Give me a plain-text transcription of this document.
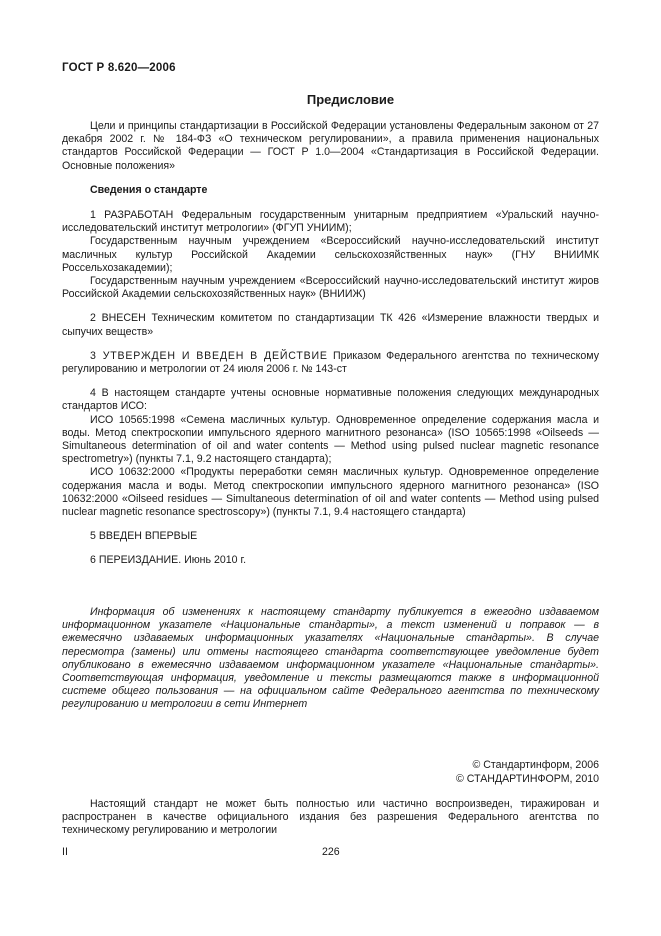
ГОСТ Р 8.620—2006
Предисловие

Цели и принципы стандартизации в Российской Федерации установлены Федеральным законом от 27 декабря 2002 г. № 184-ФЗ «О техническом регулировании», а правила применения национальных стандартов Российской Федерации — ГОСТ Р 1.0—2004 «Стандартизация в Российской Федерации. Основные положения»

Сведения о стандарте

1 РАЗРАБОТАН Федеральным государственным унитарным предприятием «Уральский научно-исследовательский институт метрологии» (ФГУП УНИИМ);

Государственным научным учреждением «Всероссийский научно-исследовательский институт масличных культур Российской Академии сельскохозяйственных наук» (ГНУ ВНИИМК Россельхозакадемии);

Государственным научным учреждением «Всероссийский научно-исследовательский институт жиров Российской Академии сельскохозяйственных наук» (ВНИИЖ)

2 ВНЕСЕН Техническим комитетом по стандартизации ТК 426 «Измерение влажности твердых и сыпучих веществ»

3 УТВЕРЖДЕН И ВВЕДЕН В ДЕЙСТВИЕ Приказом Федерального агентства по техническому регулированию и метрологии от 24 июля 2006 г. № 143-ст

4 В настоящем стандарте учтены основные нормативные положения следующих международных стандартов ИСО:

ИСО 10565:1998 «Семена масличных культур. Одновременное определение содержания масла и воды. Метод спектроскопии импульсного ядерного магнитного резонанса» (ISO 10565:1998 «Oilseeds — Simultaneous determination of oil and water contents — Method using pulsed nuclear magnetic resonance spectrometry») (пункты 7.1, 9.2 настоящего стандарта);

ИСО 10632:2000 «Продукты переработки семян масличных культур. Одновременное определение содержания масла и воды. Метод спектроскопии импульсного ядерного магнитного резонанса» (ISO 10632:2000 «Oilseed residues — Simultaneous determination of oil and water contents — Method using pulsed nuclear magnetic resonance spectroscopy») (пункты 7.1, 9.4 настоящего стандарта)

5 ВВЕДЕН ВПЕРВЫЕ

6 ПЕРЕИЗДАНИЕ. Июнь 2010 г.

Информация об изменениях к настоящему стандарту публикуется в ежегодно издаваемом информационном указателе «Национальные стандарты», а текст изменений и поправок — в ежемесячно издаваемых информационных указателях «Национальные стандарты». В случае пересмотра (замены) или отмены настоящего стандарта соответствующее уведомление будет опубликовано в ежемесячно издаваемом информационном указателе «Национальные стандарты». Соответствующая информация, уведомление и тексты размещаются также в информационной системе общего пользования — на официальном сайте Федерального агентства по техническому регулированию и метрологии в сети Интернет

© Стандартинформ, 2006
© СТАНДАРТИНФОРМ, 2010

Настоящий стандарт не может быть полностью или частично воспроизведен, тиражирован и распространен в качестве официального издания без разрешения Федерального агентства по техническому регулированию и метрологии

II	226
